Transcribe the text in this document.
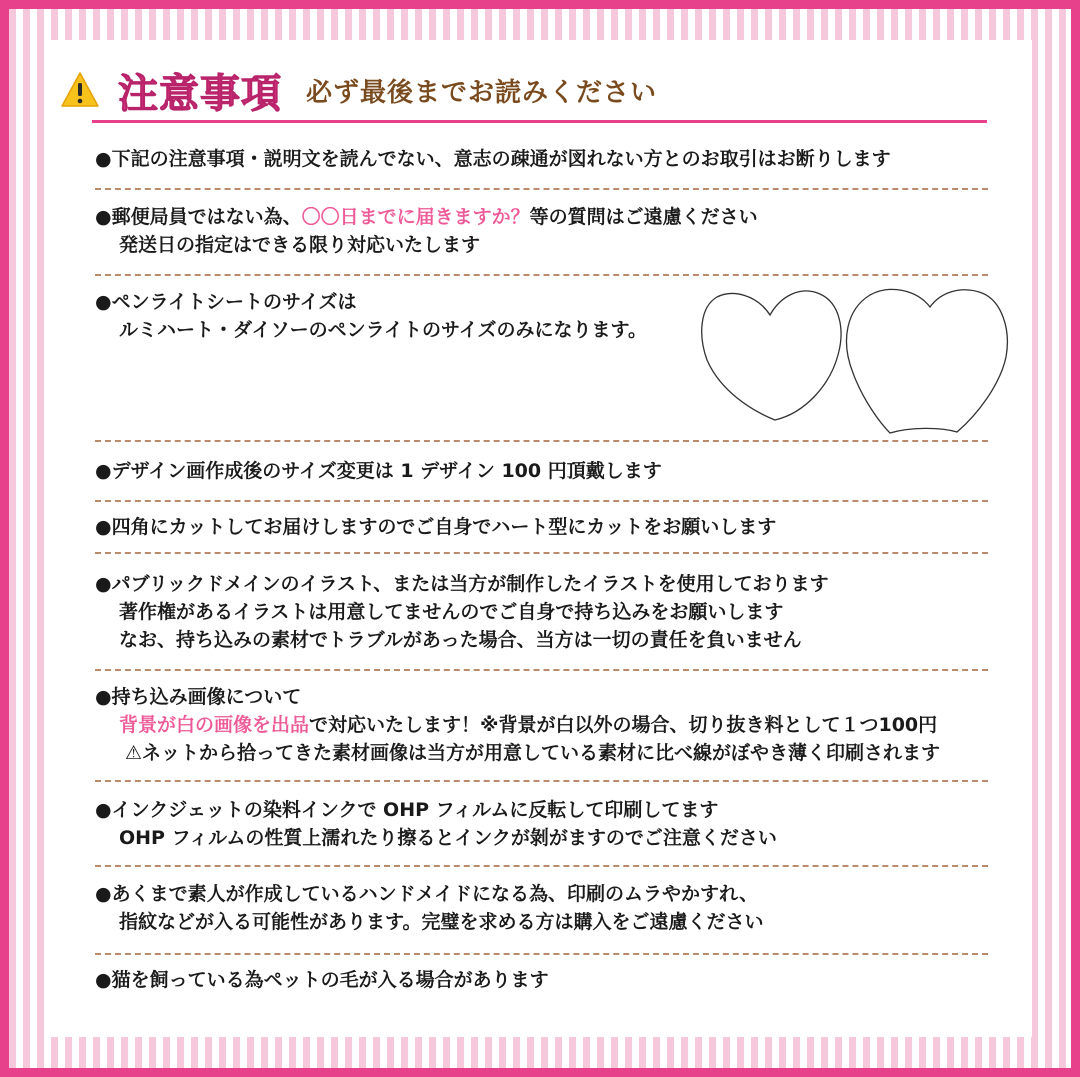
注意事項 必ず最後までお読みください
●下記の注意事項・説明文を読んでない、意志の疎通が図れない方とのお取引はお断りします
●郵便局員ではない為、〇〇日までに届きますか？等の質問はご遠慮ください
発送日の指定はできる限り対応いたします
●ペンライトシートのサイズは
ルミハート・ダイソーのペンライトのサイズのみになります。
●デザイン画作成後のサイズ変更は 1 デザイン 100 円頂戴します
●四角にカットしてお届けしますのでご自身でハート型にカットをお願いします
●パブリックドメインのイラスト、または当方が制作したイラストを使用しております
著作権があるイラストは用意してませんのでご自身で持ち込みをお願いします
なお、持ち込みの素材でトラブルがあった場合、当方は一切の責任を負いません
●持ち込み画像について
背景が白の画像を出品で対応いたします！※背景が白以外の場合、切り抜き料として１つ100円
⚠ネットから拾ってきた素材画像は当方が用意している素材に比べ線がぼやき薄く印刷されます
●インクジェットの染料インクで OHP フィルムに反転して印刷してます
OHP フィルムの性質上濡れたり擦るとインクが剝がますのでご注意ください
●あくまで素人が作成しているハンドメイドになる為、印刷のムラやかすれ、
指紋などが入る可能性があります。完璧を求める方は購入をご遠慮ください
●猫を飼っている為ペットの毛が入る場合があります
